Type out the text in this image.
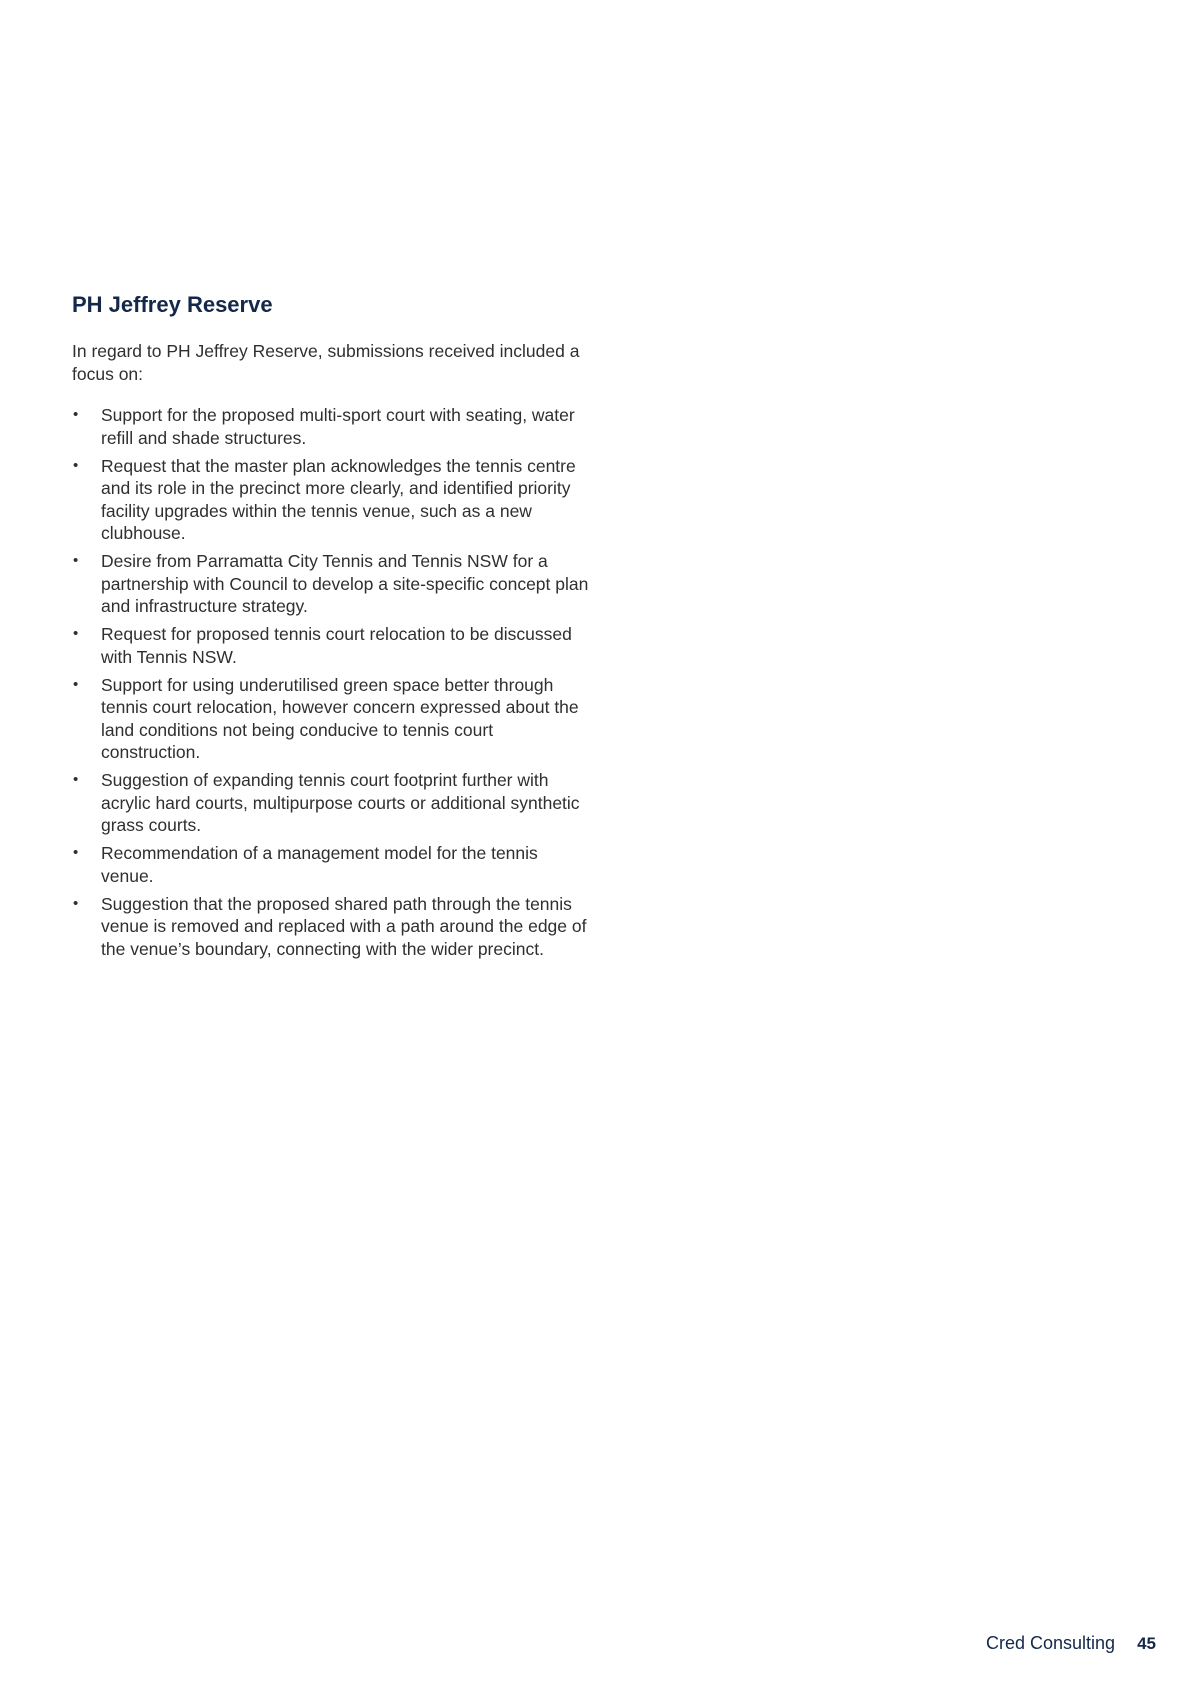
PH Jeffrey Reserve

In regard to PH Jeffrey Reserve, submissions received included a focus on:

• Support for the proposed multi-sport court with seating, water refill and shade structures.
• Request that the master plan acknowledges the tennis centre and its role in the precinct more clearly, and identified priority facility upgrades within the tennis venue, such as a new clubhouse.
• Desire from Parramatta City Tennis and Tennis NSW for a partnership with Council to develop a site-specific concept plan and infrastructure strategy.
• Request for proposed tennis court relocation to be discussed with Tennis NSW.
• Support for using underutilised green space better through tennis court relocation, however concern expressed about the land conditions not being conducive to tennis court construction.
• Suggestion of expanding tennis court footprint further with acrylic hard courts, multipurpose courts or additional synthetic grass courts.
• Recommendation of a management model for the tennis venue.
• Suggestion that the proposed shared path through the tennis venue is removed and replaced with a path around the edge of the venue’s boundary, connecting with the wider precinct.
Cred Consulting 45
